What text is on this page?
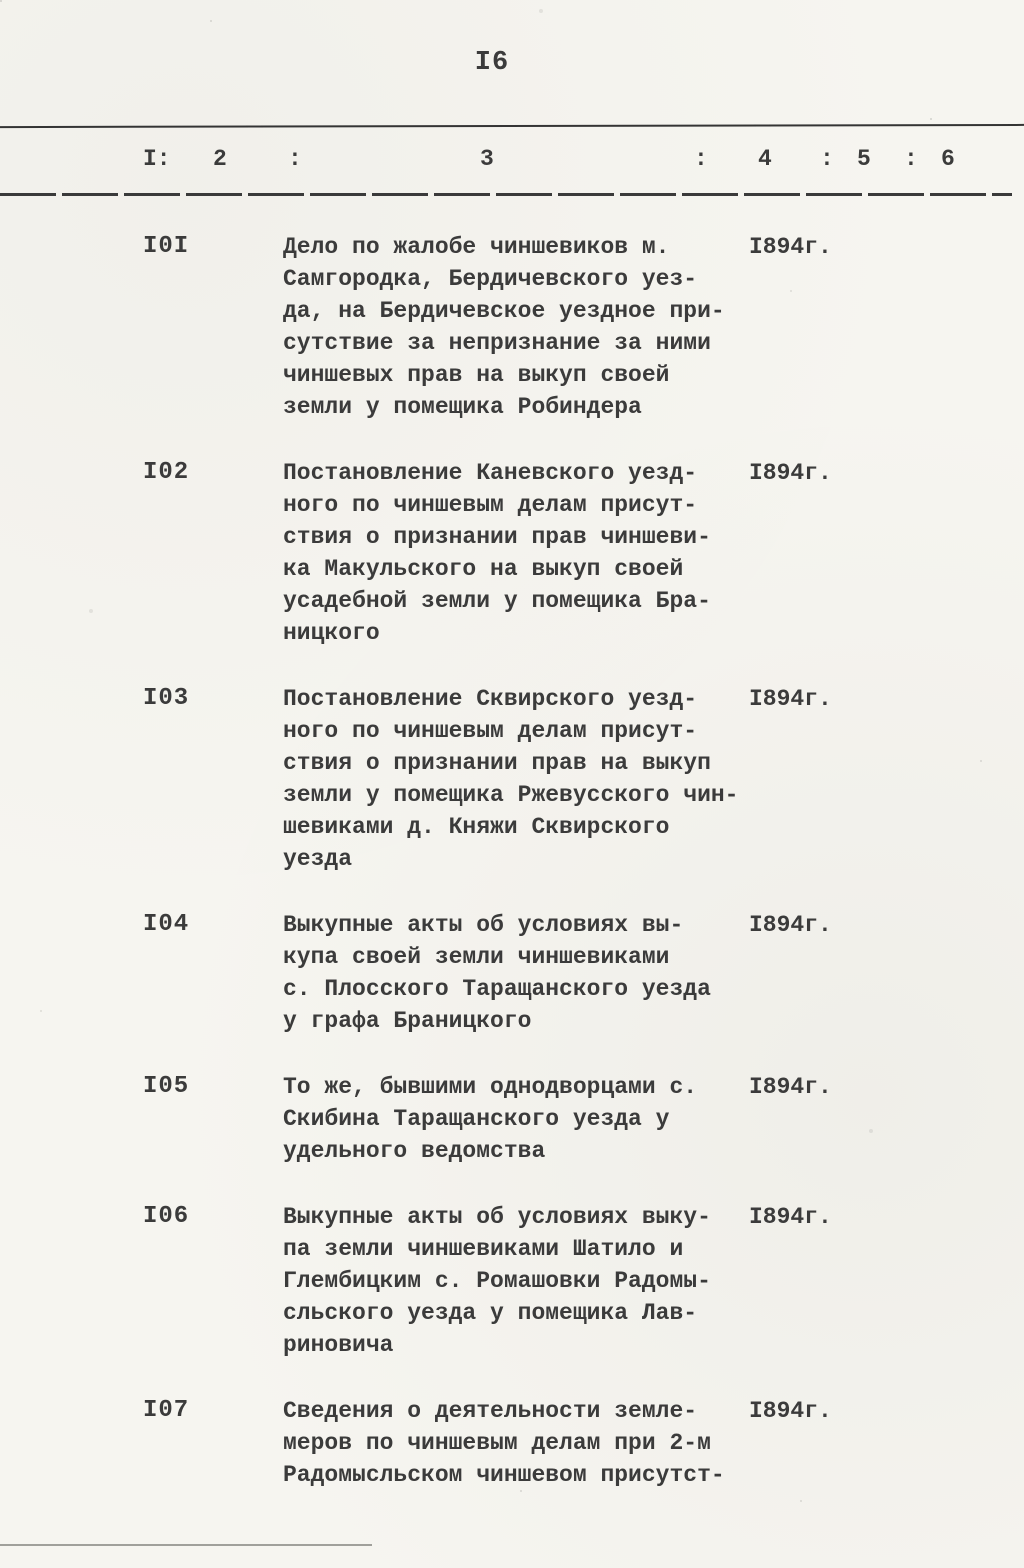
I6
I: 2	:	3	: 4 : 5 : 6
I0I	Дело по жалобе чиншевиков м.
Самгородка, Бердичевского уез-
да, на Бердичевское уездное при-
сутствие за непризнание за ними
чиншевых прав на выкуп своей
земли у помещика Робиндера
I894г.
I02	Постановление Каневского уезд-
ного по чиншевым делам присут-
ствия о признании прав чиншеви-
ка Макульского на выкуп своей
усадебной земли у помещика Бра-
ницкого
I894г.
I03	Постановление Сквирского уезд-
ного по чиншевым делам присут-
ствия о признании прав на выкуп
земли у помещика Ржевусского чин-
шевиками д. Княжи Сквирского
уезда
I894г.
I04	Выкупные акты об условиях вы-
купа своей земли чиншевиками
с. Плосского Таращанского уезда
у графа Браницкого
I894г.
I05	То же, бывшими однодворцами с.
Скибина Таращанского уезда у
удельного ведомства
I894г.
I06	Выкупные акты об условиях выку-
па земли чиншевиками Шатило и
Глембицким с. Ромашовки Радомы-
сльского уезда у помещика Лав-
риновича
I894г.
I07	Сведения о деятельности земле-
меров по чиншевым делам при 2-м
Радомысльском чиншевом присутст-
I894г.
